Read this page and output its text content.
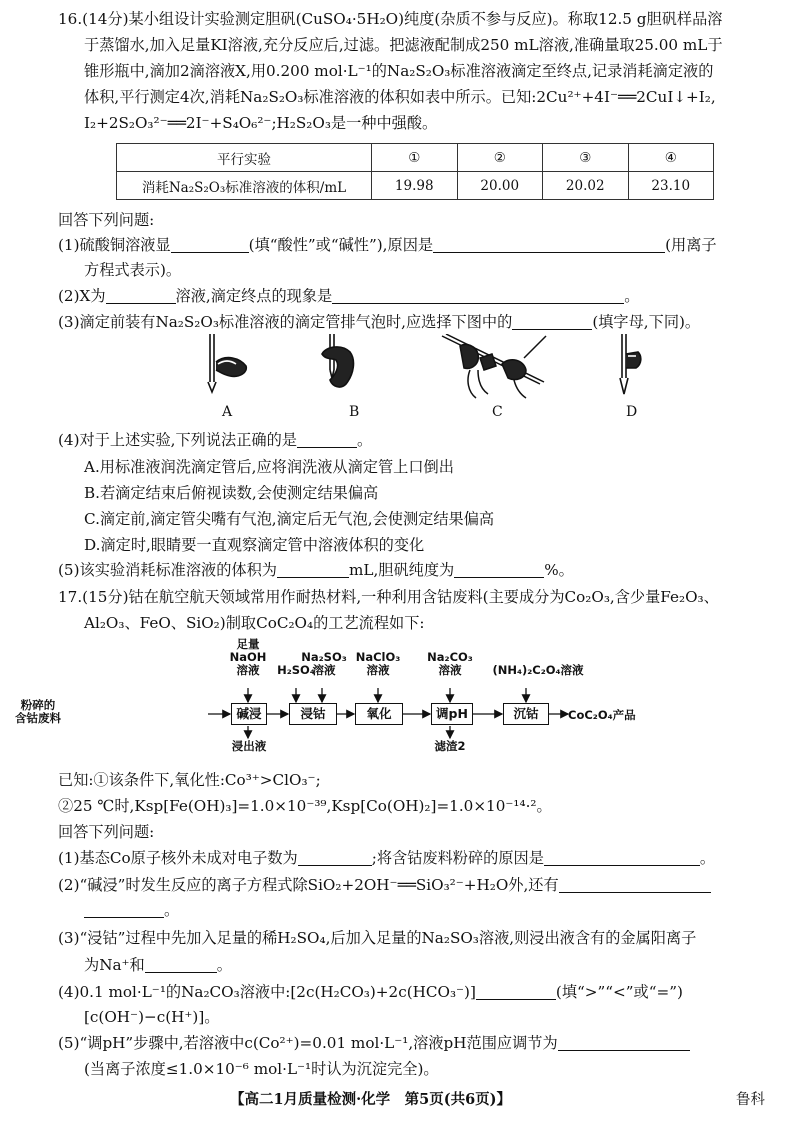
16.(14分)某小组设计实验测定胆矾(CuSO₄·5H₂O)纯度(杂质不参与反应)。称取12.5 g胆矾样品溶
于蒸馏水,加入足量KI溶液,充分反应后,过滤。把滤液配制成250 mL溶液,准确量取25.00 mL于
锥形瓶中,滴加2滴溶液X,用0.200 mol·L⁻¹的Na₂S₂O₃标准溶液滴定至终点,记录消耗滴定液的
体积,平行测定4次,消耗Na₂S₂O₃标准溶液的体积如表中所示。已知:2Cu²⁺+4I⁻══2CuI↓+I₂,
I₂+2S₂O₃²⁻══2I⁻+S₄O₆²⁻;H₂S₂O₃是一种中强酸。
平行实验	①	②	③	④
消耗Na₂S₂O₃标准溶液的体积/mL	19.98	20.00	20.02	23.10
回答下列问题:
(1)硫酸铜溶液显	(填“酸性”或“碱性”),原因是	(用离子
方程式表示)。
(2)X为	溶液,滴定终点的现象是	。
(3)滴定前装有Na₂S₂O₃标准溶液的滴定管排气泡时,应选择下图中的	(填字母,下同)。
A	B	C	D
(4)对于上述实验,下列说法正确的是	。
A.用标准液润洗滴定管后,应将润洗液从滴定管上口倒出
B.若滴定结束后俯视读数,会使测定结果偏高
C.滴定前,滴定管尖嘴有气泡,滴定后无气泡,会使测定结果偏高
D.滴定时,眼睛要一直观察滴定管中溶液体积的变化
(5)该实验消耗标准溶液的体积为	mL,胆矾纯度为	%。
17.(15分)钴在航空航天领域常用作耐热材料,一种利用含钴废料(主要成分为Co₂O₃,含少量Fe₂O₃、
Al₂O₃、FeO、SiO₂)制取CoC₂O₄的工艺流程如下:
粉碎的
含钴废料
足量
NaOH
溶液	H₂SO₄
Na₂SO₃
溶液
NaClO₃
溶液
Na₂CO₃
溶液	(NH₄)₂C₂O₄溶液
碱浸	浸钴	氧化	调pH	沉钴	CoC₂O₄产品
浸出液	滤渣2
已知:①该条件下,氧化性:Co³⁺>ClO₃⁻;
②25 ℃时,Ksp[Fe(OH)₃]=1.0×10⁻³⁹,Ksp[Co(OH)₂]=1.0×10⁻¹⁴·²。
回答下列问题:
(1)基态Co原子核外未成对电子数为	;将含钴废料粉碎的原因是	。
(2)“碱浸”时发生反应的离子方程式除SiO₂+2OH⁻══SiO₃²⁻+H₂O外,还有
。
(3)“浸钴”过程中先加入足量的稀H₂SO₄,后加入足量的Na₂SO₃溶液,则浸出液含有的金属阳离子
为Na⁺和	。
(4)0.1 mol·L⁻¹的Na₂CO₃溶液中:[2c(H₂CO₃)+2c(HCO₃⁻)]	(填“>”“<”或“=”)
[c(OH⁻)−c(H⁺)]。
(5)“调pH”步骤中,若溶液中c(Co²⁺)=0.01 mol·L⁻¹,溶液pH范围应调节为
(当离子浓度≤1.0×10⁻⁶ mol·L⁻¹时认为沉淀完全)。
【高二1月质量检测·化学　第5页(共6页)】	鲁科
